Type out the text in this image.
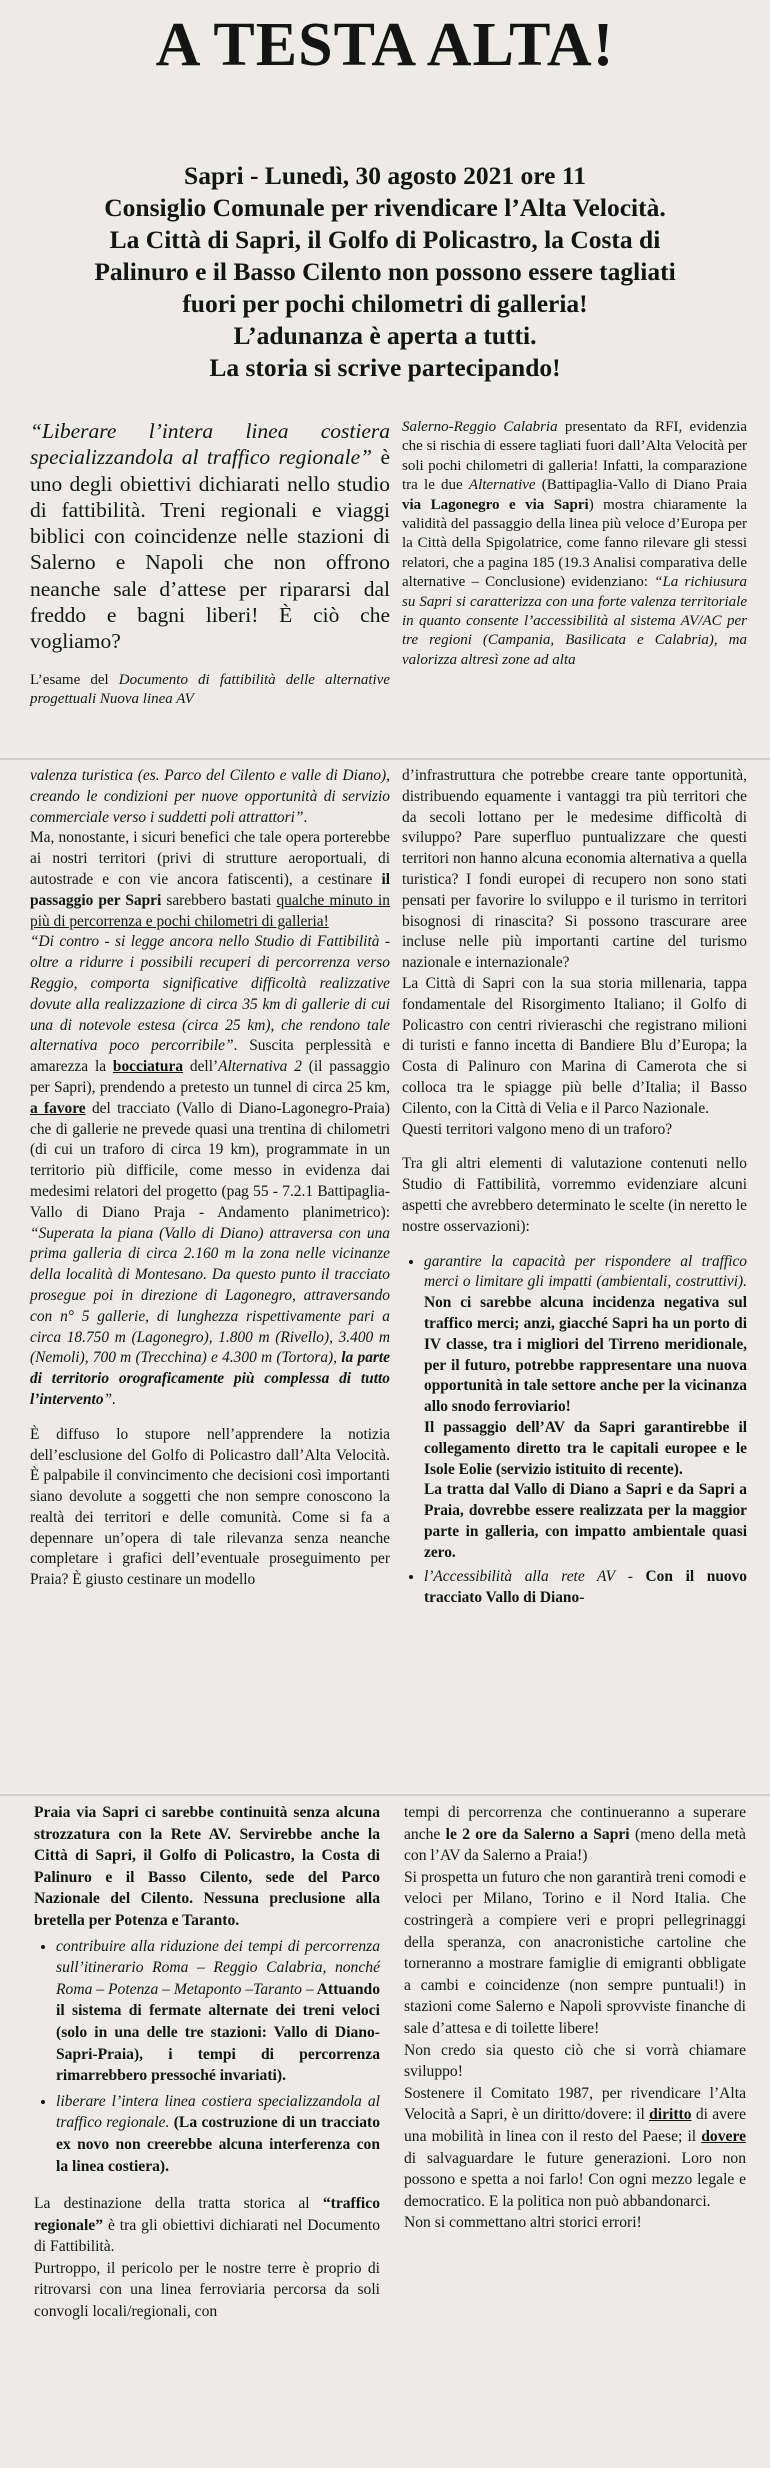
A TESTA ALTA!
Sapri - Lunedì, 30 agosto 2021 ore 11
Consiglio Comunale per rivendicare l’Alta Velocità.
La Città di Sapri, il Golfo di Policastro, la Costa di
Palinuro e il Basso Cilento non possono essere tagliati
fuori per pochi chilometri di galleria!
L’adunanza è aperta a tutti.
La storia si scrive partecipando!

“Liberare l’intera linea costiera specializzandola al traffico regionale” è uno degli obiettivi dichiarati nello studio di fattibilità. Treni regionali e viaggi biblici con coincidenze nelle stazioni di Salerno e Napoli che non offrono neanche sale d’attese per ripararsi dal freddo e bagni liberi! È ciò che vogliamo?

L’esame del Documento di fattibilità delle alternative progettuali Nuova linea AV

Salerno-Reggio Calabria presentato da RFI, evidenzia che si rischia di essere tagliati fuori dall’Alta Velocità per soli pochi chilometri di galleria! Infatti, la comparazione tra le due Alternative (Battipaglia-Vallo di Diano Praia via Lagonegro e via Sapri) mostra chiaramente la validità del passaggio della linea più veloce d’Europa per la Città della Spigolatrice, come fanno rilevare gli stessi relatori, che a pagina 185 (19.3 Analisi comparativa delle alternative – Conclusione) evidenziano: “La richiusura su Sapri si caratterizza con una forte valenza territoriale in quanto consente l’accessibilità al sistema AV/AC per tre regioni (Campania, Basilicata e Calabria), ma valorizza altresì zone ad alta

valenza turistica (es. Parco del Cilento e valle di Diano), creando le condizioni per nuove opportunità di servizio commerciale verso i suddetti poli attrattori”.

Ma, nonostante, i sicuri benefici che tale opera porterebbe ai nostri territori (privi di strutture aeroportuali, di autostrade e con vie ancora fatiscenti), a cestinare il passaggio per Sapri sarebbero bastati qualche minuto in più di percorrenza e pochi chilometri di galleria!

“Di contro - si legge ancora nello Studio di Fattibilità - oltre a ridurre i possibili recuperi di percorrenza verso Reggio, comporta significative difficoltà realizzative dovute alla realizzazione di circa 35 km di gallerie di cui una di notevole estesa (circa 25 km), che rendono tale alternativa poco percorribile”. Suscita perplessità e amarezza la bocciatura dell’Alternativa 2 (il passaggio per Sapri), prendendo a pretesto un tunnel di circa 25 km, a favore del tracciato (Vallo di Diano-Lagonegro-Praia) che di gallerie ne prevede quasi una trentina di chilometri (di cui un traforo di circa 19 km), programmate in un territorio più difficile, come messo in evidenza dai medesimi relatori del progetto (pag 55 - 7.2.1 Battipaglia-Vallo di Diano Praja - Andamento planimetrico): “Superata la piana (Vallo di Diano) attraversa con una prima galleria di circa 2.160 m la zona nelle vicinanze della località di Montesano. Da questo punto il tracciato prosegue poi in direzione di Lagonegro, attraversando con n° 5 gallerie, di lunghezza rispettivamente pari a circa 18.750 m (Lagonegro), 1.800 m (Rivello), 3.400 m (Nemoli), 700 m (Trecchina) e 4.300 m (Tortora), la parte di territorio orograficamente più complessa di tutto l’intervento”.

È diffuso lo stupore nell’apprendere la notizia dell’esclusione del Golfo di Policastro dall’Alta Velocità. È palpabile il convincimento che decisioni così importanti siano devolute a soggetti che non sempre conoscono la realtà dei territori e delle comunità. Come si fa a depennare un’opera di tale rilevanza senza neanche completare i grafici dell’eventuale proseguimento per Praia? È giusto cestinare un modello

d’infrastruttura che potrebbe creare tante opportunità, distribuendo equamente i vantaggi tra più territori che da secoli lottano per le medesime difficoltà di sviluppo? Pare superfluo puntualizzare che questi territori non hanno alcuna economia alternativa a quella turistica? I fondi europei di recupero non sono stati pensati per favorire lo sviluppo e il turismo in territori bisognosi di rinascita? Si possono trascurare aree incluse nelle più importanti cartine del turismo nazionale e internazionale?

La Città di Sapri con la sua storia millenaria, tappa fondamentale del Risorgimento Italiano; il Golfo di Policastro con centri rivieraschi che registrano milioni di turisti e fanno incetta di Bandiere Blu d’Europa; la Costa di Palinuro con Marina di Camerota che si colloca tra le spiagge più belle d’Italia; il Basso Cilento, con la Città di Velia e il Parco Nazionale.

Questi territori valgono meno di un traforo?

Tra gli altri elementi di valutazione contenuti nello Studio di Fattibilità, vorremmo evidenziare alcuni aspetti che avrebbero determinato le scelte (in neretto le nostre osservazioni):

• garantire la capacità per rispondere al traffico merci o limitare gli impatti (ambientali, costruttivi). Non ci sarebbe alcuna incidenza negativa sul traffico merci; anzi, giacché Sapri ha un porto di IV classe, tra i migliori del Tirreno meridionale, per il futuro, potrebbe rappresentare una nuova opportunità in tale settore anche per la vicinanza allo snodo ferroviario!
Il passaggio dell’AV da Sapri garantirebbe il collegamento diretto tra le capitali europee e le Isole Eolie (servizio istituito di recente).
La tratta dal Vallo di Diano a Sapri e da Sapri a Praia, dovrebbe essere realizzata per la maggior parte in galleria, con impatto ambientale quasi zero.
• l’Accessibilità alla rete AV - Con il nuovo tracciato Vallo di Diano-

Praia via Sapri ci sarebbe continuità senza alcuna strozzatura con la Rete AV. Servirebbe anche la Città di Sapri, il Golfo di Policastro, la Costa di Palinuro e il Basso Cilento, sede del Parco Nazionale del Cilento. Nessuna preclusione alla bretella per Potenza e Taranto.

• contribuire alla riduzione dei tempi di percorrenza sull’itinerario Roma – Reggio Calabria, nonché Roma – Potenza – Metaponto –Taranto – Attuando il sistema di fermate alternate dei treni veloci (solo in una delle tre stazioni: Vallo di Diano-Sapri-Praia), i tempi di percorrenza rimarrebbero pressoché invariati).
• liberare l’intera linea costiera specializzandola al traffico regionale. (La costruzione di un tracciato ex novo non creerebbe alcuna interferenza con la linea costiera).

La destinazione della tratta storica al “traffico regionale” è tra gli obiettivi dichiarati nel Documento di Fattibilità.

Purtroppo, il pericolo per le nostre terre è proprio di ritrovarsi con una linea ferroviaria percorsa da soli convogli locali/regionali, con

tempi di percorrenza che continueranno a superare anche le 2 ore da Salerno a Sapri (meno della metà con l’AV da Salerno a Praia!)

Si prospetta un futuro che non garantirà treni comodi e veloci per Milano, Torino e il Nord Italia. Che costringerà a compiere veri e propri pellegrinaggi della speranza, con anacronistiche cartoline che torneranno a mostrare famiglie di emigranti obbligate a cambi e coincidenze (non sempre puntuali!) in stazioni come Salerno e Napoli sprovviste finanche di sale d’attesa e di toilette libere!

Non credo sia questo ciò che si vorrà chiamare sviluppo!

Sostenere il Comitato 1987, per rivendicare l’Alta Velocità a Sapri, è un diritto/dovere: il diritto di avere una mobilità in linea con il resto del Paese; il dovere di salvaguardare le future generazioni. Loro non possono e spetta a noi farlo! Con ogni mezzo legale e democratico. E la politica non può abbandonarci.

Non si commettano altri storici errori!
